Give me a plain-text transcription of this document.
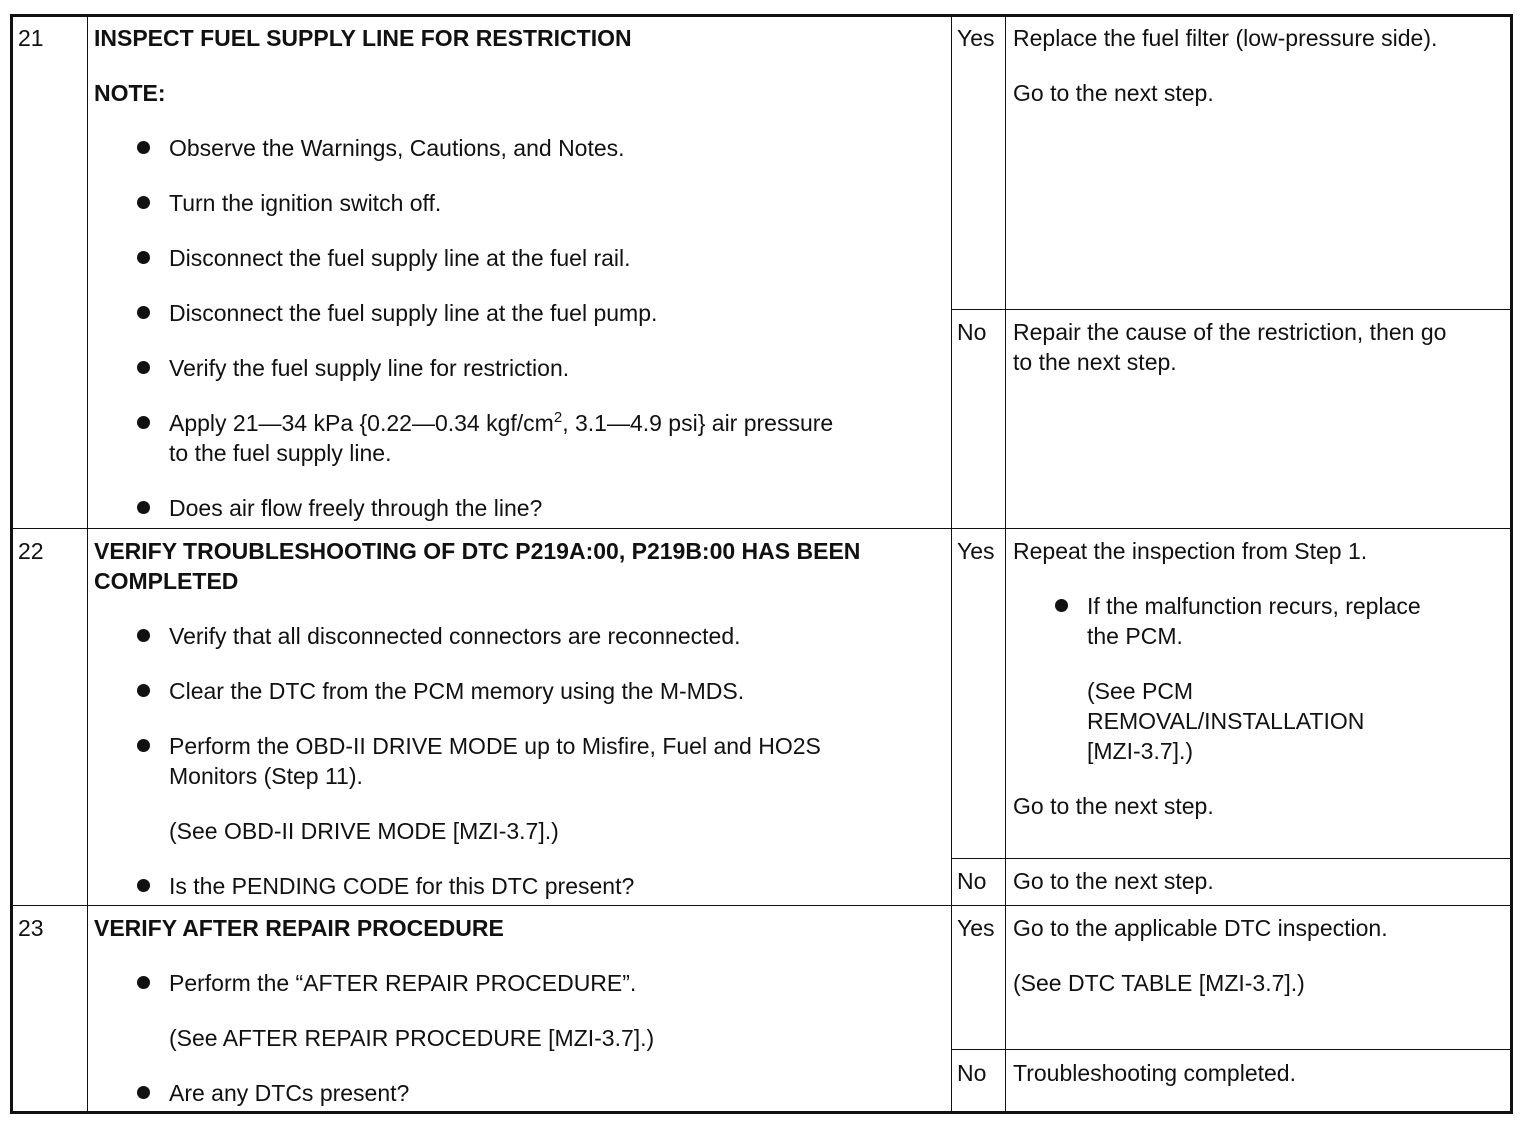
21 INSPECT FUEL SUPPLY LINE FOR RESTRICTION
NOTE:
Observe the Warnings, Cautions, and Notes.
Turn the ignition switch off.
Disconnect the fuel supply line at the fuel rail.
Disconnect the fuel supply line at the fuel pump.
Verify the fuel supply line for restriction.
Apply 21—34 kPa {0.22—0.34 kgf/$cm^2$, 3.1—4.9 psi} air pressure
to the fuel supply line.
Does air flow freely through the line?
Yes Replace the fuel filter (low-pressure side).
Go to the next step.
No Repair the cause of the restriction, then go
to the next step.
22 VERIFY TROUBLESHOOTING OF DTC P219A:00, P219B:00 HAS BEEN
COMPLETED
Verify that all disconnected connectors are reconnected.
Clear the DTC from the PCM memory using the M-MDS.
Perform the OBD-II DRIVE MODE up to Misfire, Fuel and HO2S
Monitors (Step 11).
(See OBD-II DRIVE MODE [MZI-3.7].)
Is the PENDING CODE for this DTC present?
Yes Repeat the inspection from Step 1.
If the malfunction recurs, replace
the PCM.
(See PCM
REMOVAL/INSTALLATION
[MZI-3.7].)
Go to the next step.
No Go to the next step.
23 VERIFY AFTER REPAIR PROCEDURE
Perform the “AFTER REPAIR PROCEDURE”.
(See AFTER REPAIR PROCEDURE [MZI-3.7].)
Are any DTCs present?
Yes Go to the applicable DTC inspection.
(See DTC TABLE [MZI-3.7].)
No Troubleshooting completed.
